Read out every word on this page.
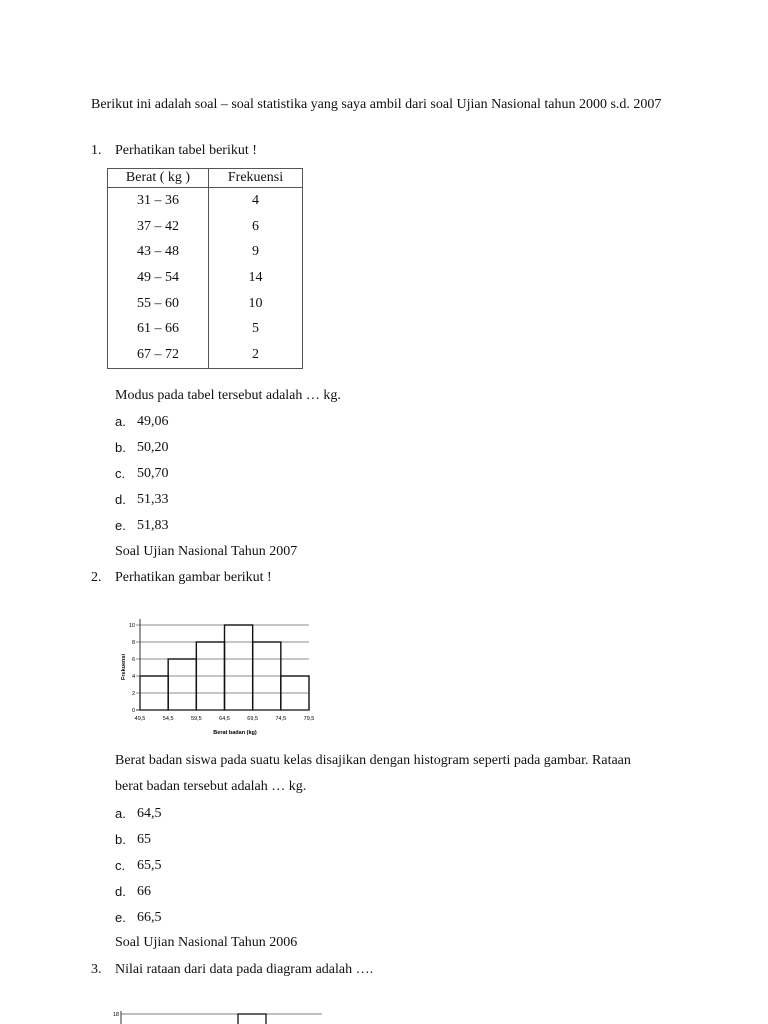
Berikut ini adalah soal – soal statistika yang saya ambil dari soal Ujian Nasional tahun 2000 s.d. 2007
1. Perhatikan tabel berikut !
Berat ( kg )	Frekuensi
31 – 36	4
37 – 42	6
43 – 48	9
49 – 54	14
55 – 60	10
61 – 66	5
67 – 72	2
Modus pada tabel tersebut adalah … kg.
a. 49,06
b. 50,20
c. 50,70
d. 51,33
e. 51,83
Soal Ujian Nasional Tahun 2007
2. Perhatikan gambar berikut !
0
2
4
6
8
10
49,5	54,5	59,5	64,5	69,5	74,5	79,5
Berat badan (kg)
Frekuensi
Berat badan siswa pada suatu kelas disajikan dengan histogram seperti pada gambar. Rataan
berat badan tersebut adalah … kg.
a. 64,5
b. 65
c. 65,5
d. 66
e. 66,5
Soal Ujian Nasional Tahun 2006
3. Nilai rataan dari data pada diagram adalah ….
18
